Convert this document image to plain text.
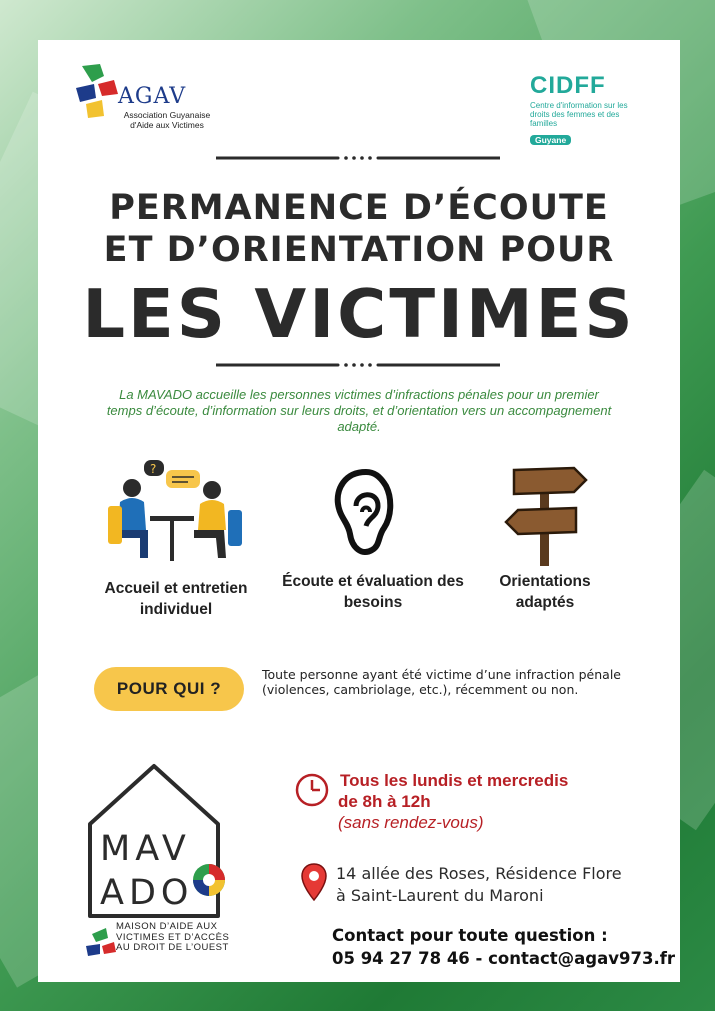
AGAV
Association Guyanaise d'Aide aux Victimes
CIDFF
Centre d'information sur les droits des femmes et des familles
Guyane
PERMANENCE D’ÉCOUTE
ET D’ORIENTATION POUR
LES VICTIMES
La MAVADO accueille les personnes victimes d’infractions pénales pour un premier temps d’écoute, d’information sur leurs droits, et d’orientation vers un accompagnement adapté.
?
Accueil et entretien individuel
Écoute et évaluation des besoins
Orientations adaptés
POUR QUI ?
Toute personne ayant été victime d’une infraction pénale (violences, cambriolage, etc.), récemment ou non.
MAV
ADO
MAISON D’AIDE AUX VICTIMES ET D’ACCÈS AU DROIT DE L’OUEST
Tous les lundis et mercredis
de 8h à 12h
(sans rendez-vous)
14 allée des Roses, Résidence Flore
à Saint-Laurent du Maroni
Contact pour toute question :
05 94 27 78 46 - contact@agav973.fr
